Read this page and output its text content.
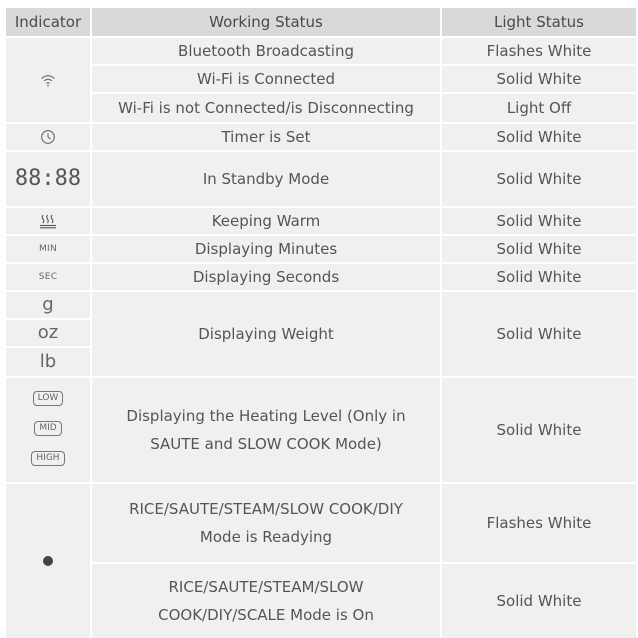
Indicator	Working Status	Light Status
88:88
MIN
SEC
g
oz
lb
LOW
MID
HIGH
Bluetooth Broadcasting
Wi-Fi is Connected
Wi-Fi is not Connected/is Disconnecting
Timer is Set
In Standby Mode
Keeping Warm
Displaying Minutes
Displaying Seconds
Displaying Weight
Displaying the Heating Level (Only in
SAUTE and SLOW COOK Mode)
RICE/SAUTE/STEAM/SLOW COOK/DIY
Mode is Readying
RICE/SAUTE/STEAM/SLOW
COOK/DIY/SCALE Mode is On
Flashes White
Solid White
Light Off
Solid White
Solid White
Solid White
Solid White
Solid White
Solid White
Solid White
Flashes White
Solid White
